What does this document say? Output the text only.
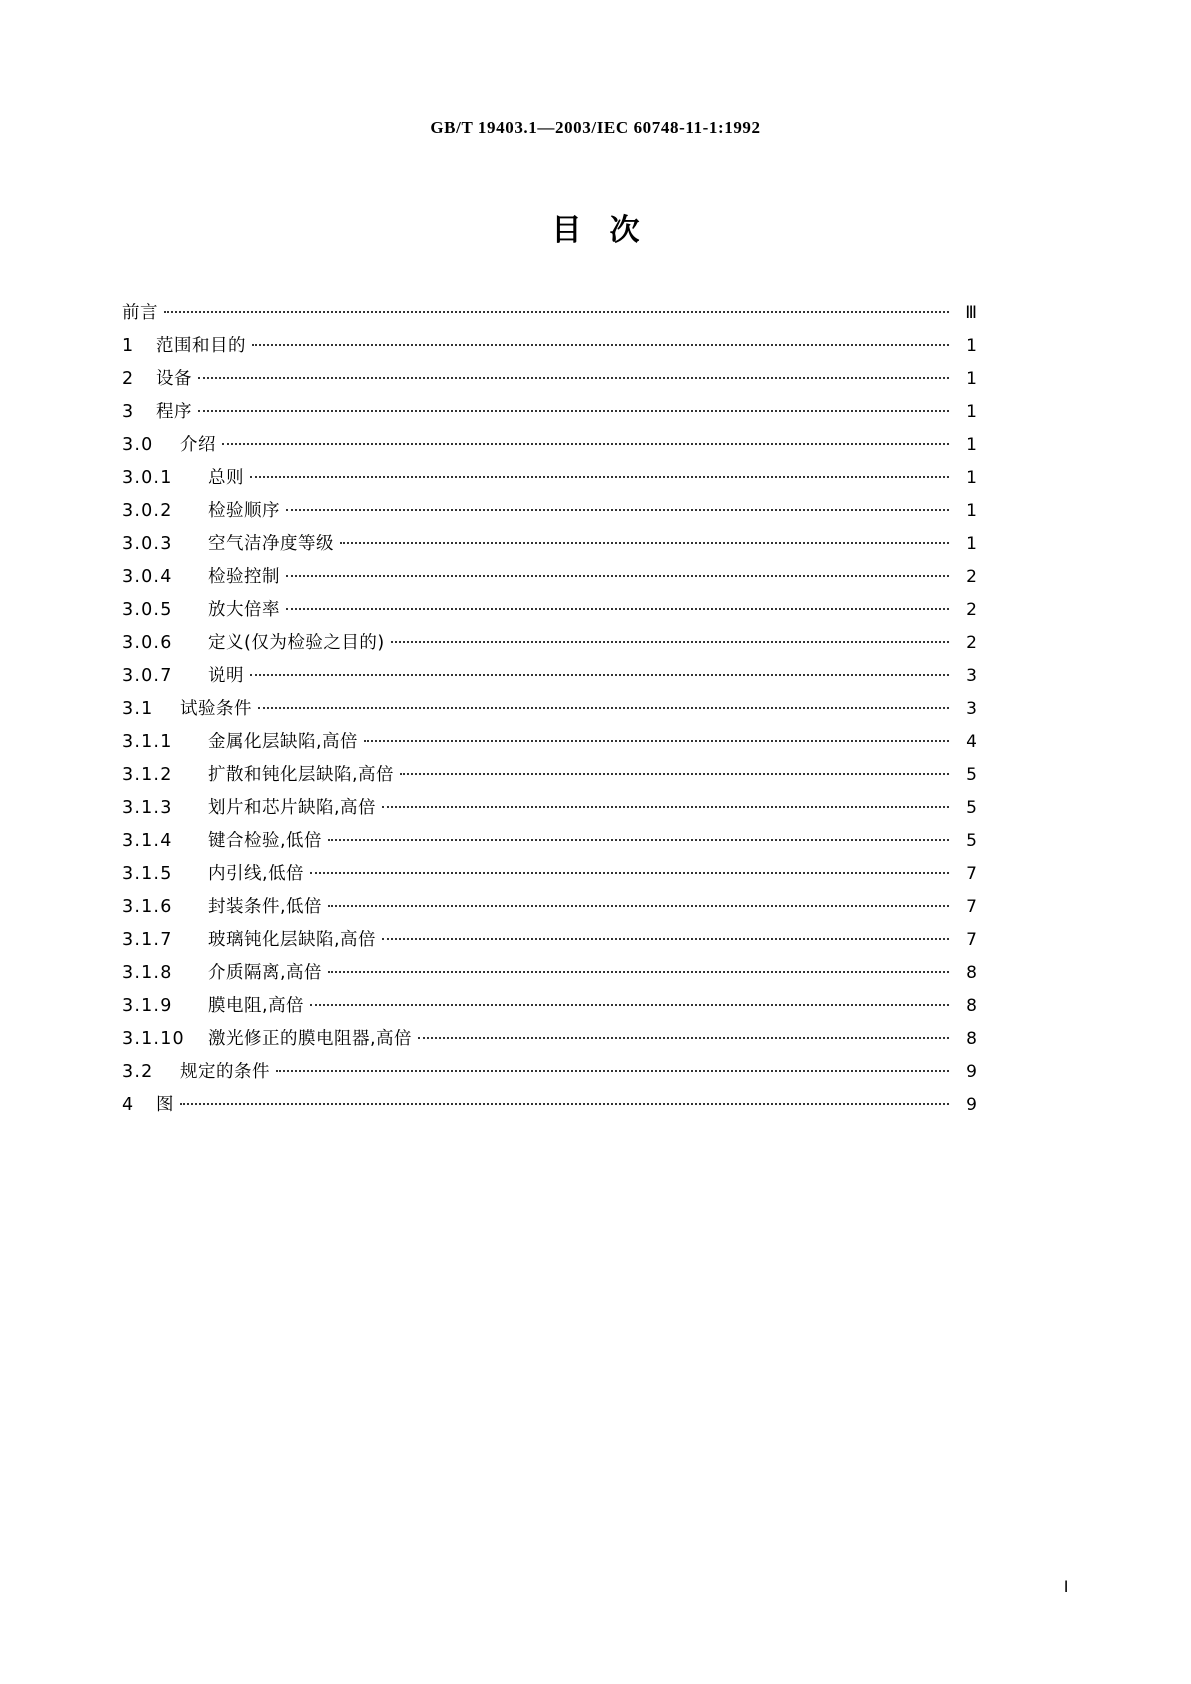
GB/T 19403.1—2003/IEC 60748-11-1:1992
目次
前言	Ⅲ
1	范围和目的	1
2	设备	1
3	程序	1
3.0	介绍	1
3.0.1	总则	1
3.0.2	检验顺序	1
3.0.3	空气洁净度等级	1
3.0.4	检验控制	2
3.0.5	放大倍率	2
3.0.6	定义(仅为检验之目的)	2
3.0.7	说明	3
3.1	试验条件	3
3.1.1	金属化层缺陷,高倍	4
3.1.2	扩散和钝化层缺陷,高倍	5
3.1.3	划片和芯片缺陷,高倍	5
3.1.4	键合检验,低倍	5
3.1.5	内引线,低倍	7
3.1.6	封装条件,低倍	7
3.1.7	玻璃钝化层缺陷,高倍	7
3.1.8	介质隔离,高倍	8
3.1.9	膜电阻,高倍	8
3.1.10	激光修正的膜电阻器,高倍	8
3.2	规定的条件	9
4	图	9
Ⅰ
